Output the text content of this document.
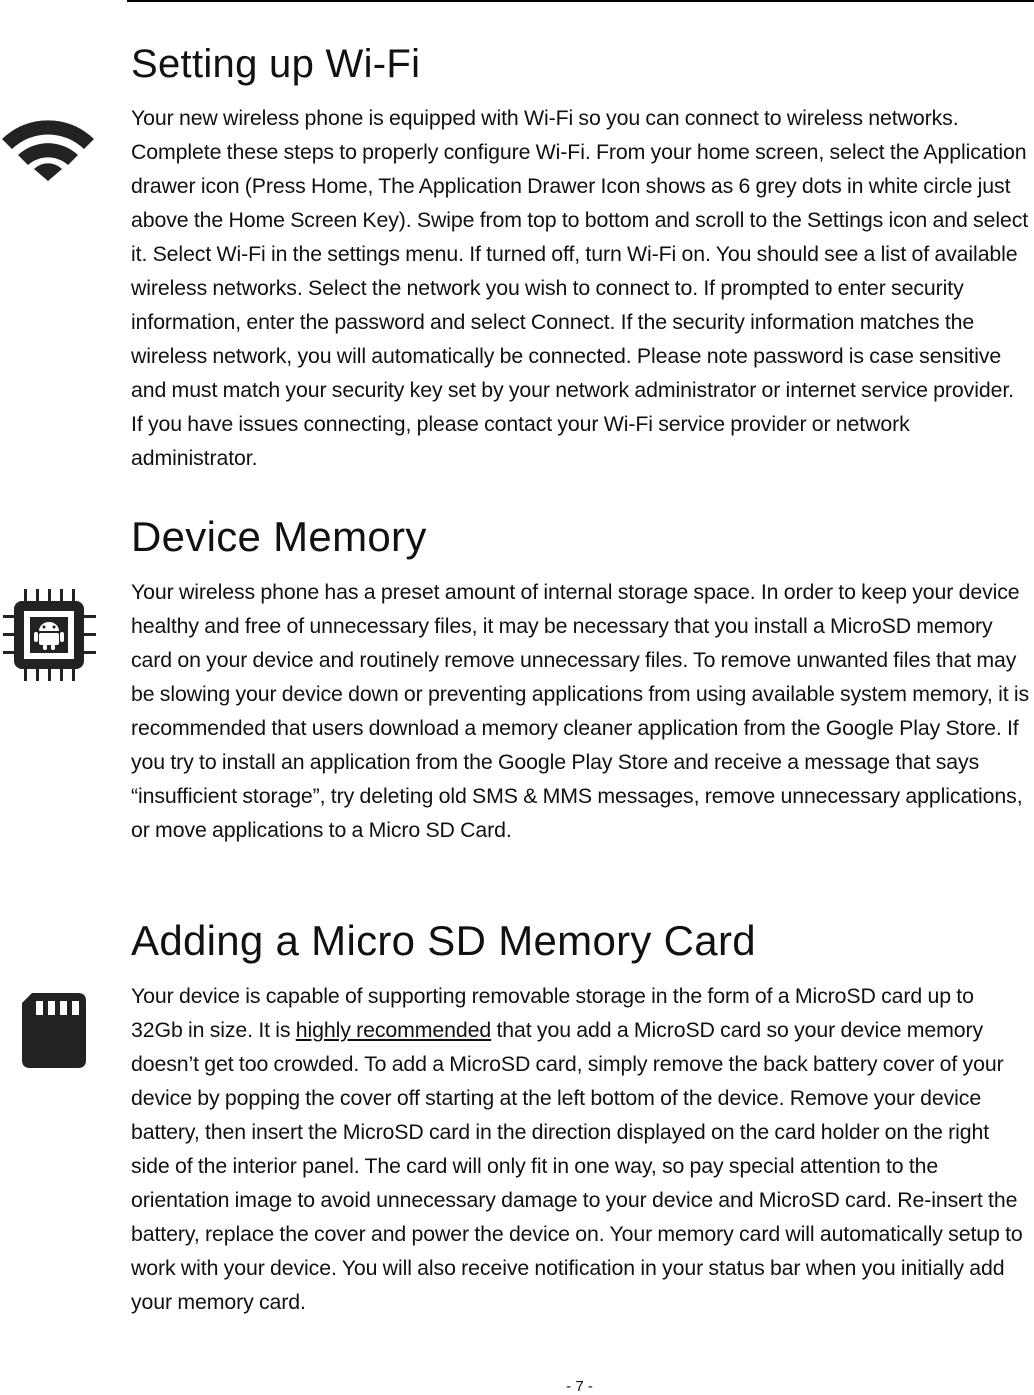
Setting up Wi-Fi

Your new wireless phone is equipped with Wi-Fi so you can connect to wireless networks. Complete these steps to properly configure Wi-Fi. From your home screen, select the Application drawer icon (Press Home, The Application Drawer Icon shows as 6 grey dots in white circle just above the Home Screen Key). Swipe from top to bottom and scroll to the Settings icon and select it. Select Wi-Fi in the settings menu. If turned off, turn Wi-Fi on. You should see a list of available wireless networks. Select the network you wish to connect to. If prompted to enter security information, enter the password and select Connect. If the security information matches the wireless network, you will automatically be connected. Please note password is case sensitive and must match your security key set by your network administrator or internet service provider. If you have issues connecting, please contact your Wi-Fi service provider or network administrator.

Device Memory

Your wireless phone has a preset amount of internal storage space. In order to keep your device healthy and free of unnecessary files, it may be necessary that you install a MicroSD memory card on your device and routinely remove unnecessary files. To remove unwanted files that may be slowing your device down or preventing applications from using available system memory, it is recommended that users download a memory cleaner application from the Google Play Store. If you try to install an application from the Google Play Store and receive a message that says “insufficient storage”, try deleting old SMS & MMS messages, remove unnecessary applications, or move applications to a Micro SD Card.

Adding a Micro SD Memory Card

Your device is capable of supporting removable storage in the form of a MicroSD card up to 32Gb in size. It is highly recommended that you add a MicroSD card so your device memory doesn’t get too crowded. To add a MicroSD card, simply remove the back battery cover of your device by popping the cover off starting at the left bottom of the device. Remove your device battery, then insert the MicroSD card in the direction displayed on the card holder on the right side of the interior panel. The card will only fit in one way, so pay special attention to the orientation image to avoid unnecessary damage to your device and MicroSD card. Re-insert the battery, replace the cover and power the device on. Your memory card will automatically setup to work with your device. You will also receive notification in your status bar when you initially add your memory card.

- 7 -
